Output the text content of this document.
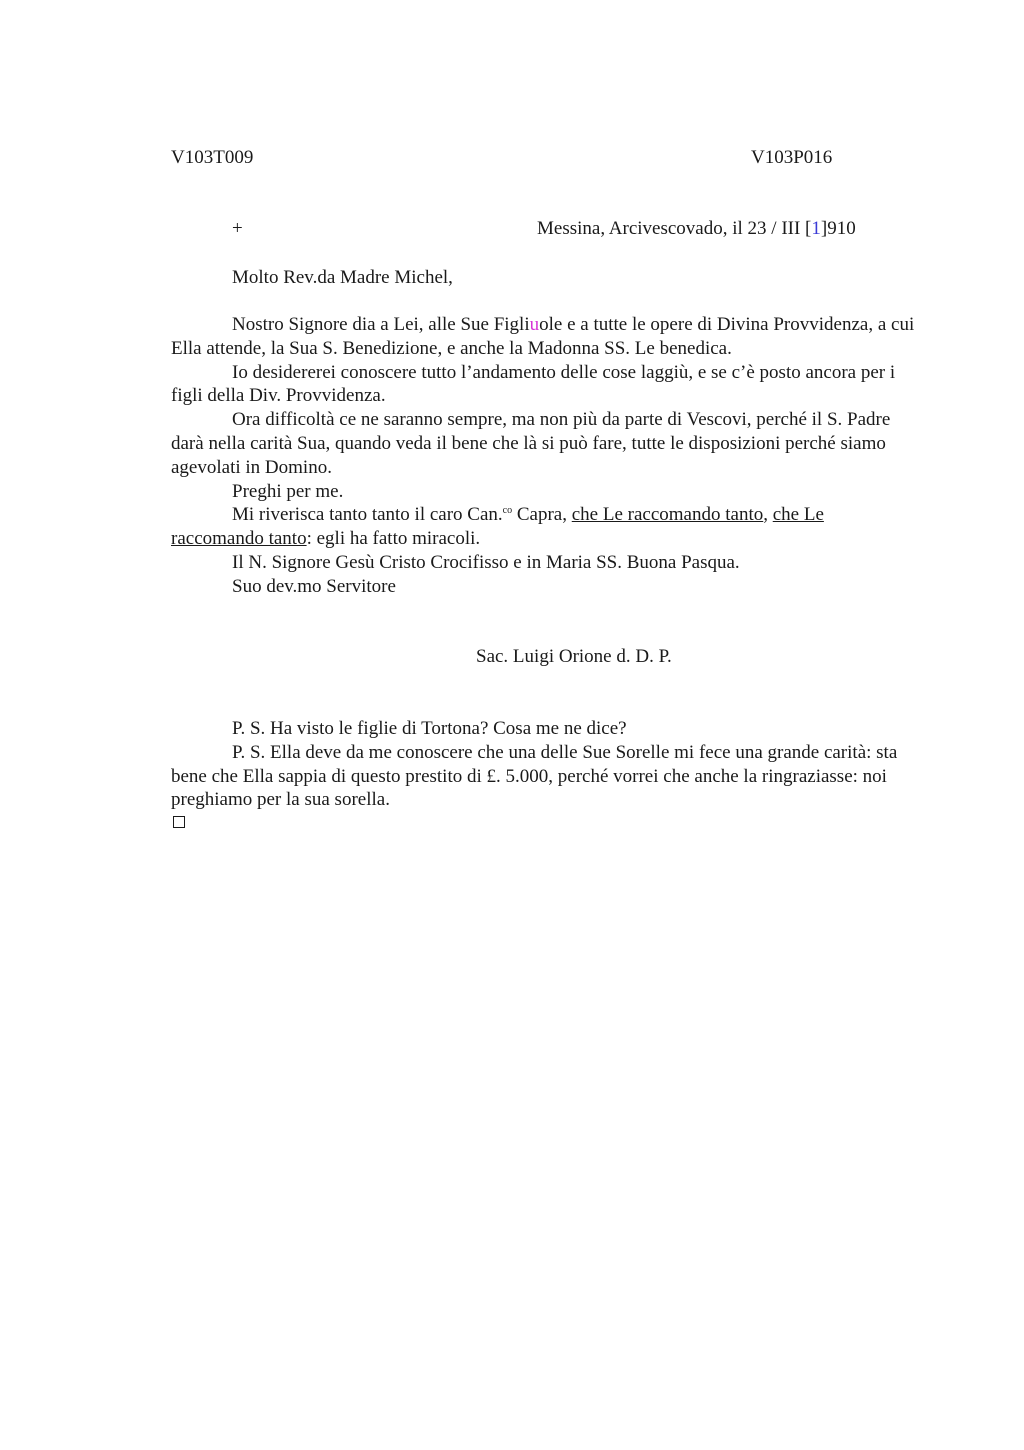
V103T009	V103P016
+	Messina, Arcivescovado, il 23 / III [1]910
Molto Rev.da Madre Michel,

Nostro Signore dia a Lei, alle Sue Figliuole e a tutte le opere di Divina Provvidenza, a cui Ella attende, la Sua S. Benedizione, e anche la Madonna SS. Le benedica.

Io desidererei conoscere tutto l’andamento delle cose laggiù, e se c’è posto ancora per i figli della Div. Provvidenza.

Ora difficoltà ce ne saranno sempre, ma non più da parte di Vescovi, perché il S. Padre darà nella carità Sua, quando veda il bene che là si può fare, tutte le disposizioni perché siamo agevolati in Domino.

Preghi per me.

Mi riverisca tanto tanto il caro Can.$^{co}$ Capra, che Le raccomando tanto, che Le raccomando tanto: egli ha fatto miracoli.

Il N. Signore Gesù Cristo Crocifisso e in Maria SS. Buona Pasqua.

Suo dev.mo Servitore

Sac. Luigi Orione d. D. P.

P. S. Ha visto le figlie di Tortona? Cosa me ne dice?

P. S. Ella deve da me conoscere che una delle Sue Sorelle mi fece una grande carità: sta bene che Ella sappia di questo prestito di £. 5.000, perché vorrei che anche la ringraziasse: noi preghiamo per la sua sorella.
